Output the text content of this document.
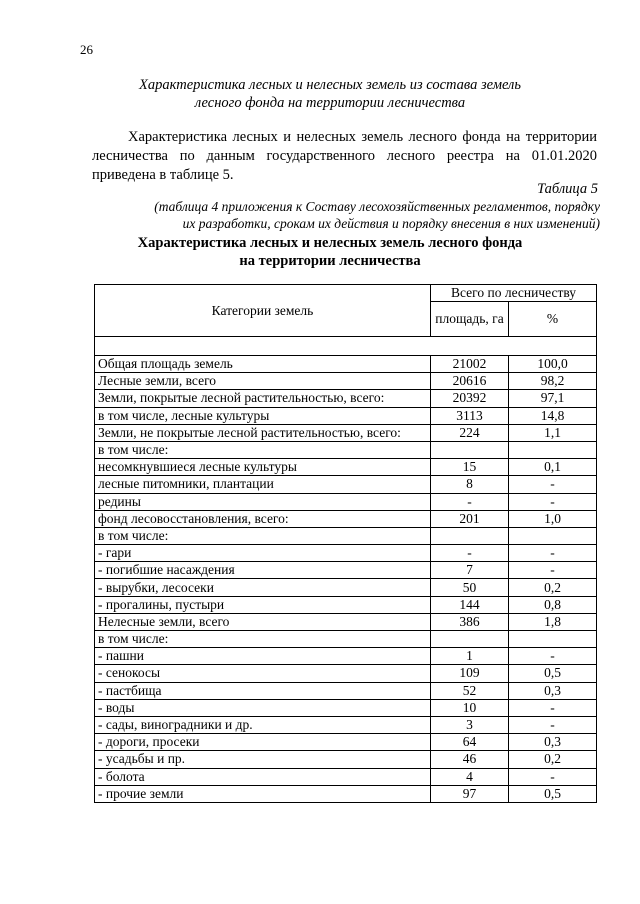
26
Характеристика лесных и нелесных земель из состава земель
лесного фонда на территории лесничества
Характеристика лесных и нелесных земель лесного фонда на территории лесничества по данным государственного лесного реестра на 01.01.2020 приведена в таблице 5.
Таблица 5
(таблица 4 приложения к Составу лесохозяйственных регламентов, порядку
их разработки, срокам их действия и порядку внесения в них изменений)
Характеристика лесных и нелесных земель лесного фонда
на территории лесничества
Категории земель	Всего по лесничеству	
	площадь, га	%

Общая площадь земель	21002	100,0
Лесные земли, всего	20616	98,2
Земли, покрытые лесной растительностью, всего:	20392	97,1
в том числе, лесные культуры	3113	14,8
Земли, не покрытые лесной растительностью, всего:	224	1,1
в том числе:		
несомкнувшиеся лесные культуры	15	0,1
лесные питомники, плантации	8	-
редины	-	-
фонд лесовосстановления, всего:	201	1,0
в том числе:		
- гари	-	-
- погибшие насаждения	7	-
- вырубки, лесосеки	50	0,2
- прогалины, пустыри	144	0,8
Нелесные земли, всего	386	1,8
в том числе:		
- пашни	1	-
- сенокосы	109	0,5
- пастбища	52	0,3
- воды	10	-
- сады, виноградники и др.	3	-
- дороги, просеки	64	0,3
- усадьбы и пр.	46	0,2
- болота	4	-
- прочие земли	97	0,5
